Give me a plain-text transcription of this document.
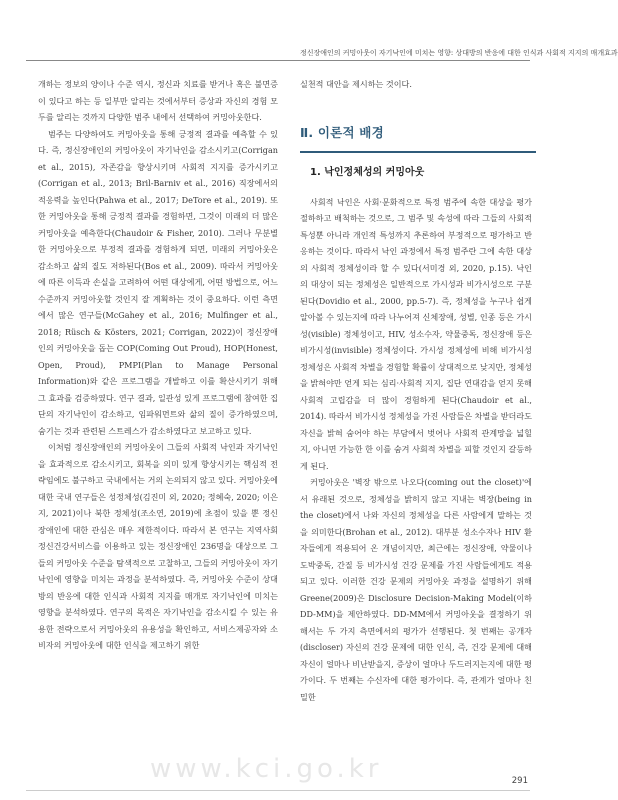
정신장애인의 커밍아웃이 자기낙인에 미치는 영향: 상대방의 반응에 대한 인식과 사회적 지지의 매개효과

개하는 정보의 양이나 수준 역시, 정신과 치료를 받거나 혹은 불면증이 있다고 하는 등 일부만 알리는 것에서부터 증상과 자신의 경험 모두를 알리는 것까지 다양한 범주 내에서 선택하여 커밍아웃한다.

범주는 다양하여도 커밍아웃을 통해 긍정적 결과를 예측할 수 있다. 즉, 정신장애인의 커밍아웃이 자기낙인을 감소시키고(Corrigan et al., 2015), 자존감을 향상시키며 사회적 지지를 증가시키고(Corrigan et al., 2013; Bril-Barniv et al., 2016) 직장에서의 적응력을 높인다(Pahwa et al., 2017; DeTore et al., 2019). 또한 커밍아웃을 통해 긍정적 결과를 경험하면, 그것이 미래의 더 많은 커밍아웃을 예측한다(Chaudoir & Fisher, 2010). 그러나 무분별한 커밍아웃으로 부정적 결과를 경험하게 되면, 미래의 커밍아웃은 감소하고 삶의 질도 저하된다(Bos et al., 2009). 따라서 커밍아웃에 따른 이득과 손실을 고려하여 어떤 대상에게, 어떤 방법으로, 어느 수준까지 커밍아웃할 것인지 잘 계획하는 것이 중요하다. 이런 측면에서 많은 연구들(McGahey et al., 2016; Mulfinger et al., 2018; Rüsch & Kösters, 2021; Corrigan, 2022)이 정신장애인의 커밍아웃을 돕는 COP(Coming Out Proud), HOP(Honest, Open, Proud), PMPI(Plan to Manage Personal Information)와 같은 프로그램을 개발하고 이를 확산시키기 위해 그 효과를 검증하였다. 연구 결과, 일관성 있게 프로그램에 참여한 집단의 자기낙인이 감소하고, 임파워먼트와 삶의 질이 증가하였으며, 숨기는 것과 관련된 스트레스가 감소하였다고 보고하고 있다.

이처럼 정신장애인의 커밍아웃이 그들의 사회적 낙인과 자기낙인을 효과적으로 감소시키고, 회복을 의미 있게 향상시키는 핵심적 전략임에도 불구하고 국내에서는 거의 논의되지 않고 있다. 커밍아웃에 대한 국내 연구들은 성정체성(김진미 외, 2020; 정혜숙, 2020; 이은지, 2021)이나 북한 정체성(조소연, 2019)에 초점이 있을 뿐 정신장애인에 대한 관심은 매우 제한적이다. 따라서 본 연구는 지역사회 정신건강서비스를 이용하고 있는 정신장애인 236명을 대상으로 그들의 커밍아웃 수준을 탐색적으로 고찰하고, 그들의 커밍아웃이 자기낙인에 영향을 미치는 과정을 분석하였다. 즉, 커밍아웃 수준이 상대방의 반응에 대한 인식과 사회적 지지를 매개로 자기낙인에 미치는 영향을 분석하였다. 연구의 목적은 자기낙인을 감소시킬 수 있는 유용한 전략으로서 커밍아웃의 유용성을 확인하고, 서비스제공자와 소비자의 커밍아웃에 대한 인식을 제고하기 위한

실천적 대안을 제시하는 것이다.

Ⅱ. 이론적 배경
1. 낙인정체성의 커밍아웃

사회적 낙인은 사회·문화적으로 특정 범주에 속한 대상을 평가절하하고 배척하는 것으로, 그 범주 및 속성에 따라 그들의 사회적 특성뿐 아니라 개인적 특성까지 추론하여 부정적으로 평가하고 반응하는 것이다. 따라서 낙인 과정에서 특정 범주란 그에 속한 대상의 사회적 정체성이라 할 수 있다(서미경 외, 2020, p.15). 낙인의 대상이 되는 정체성은 일반적으로 가시성과 비가시성으로 구분된다(Dovidio et al., 2000, pp.5-7). 즉, 정체성을 누구나 쉽게 알아볼 수 있는지에 따라 나누어져 신체장애, 성별, 인종 등은 가시성(visible) 정체성이고, HIV, 성소수자, 약물중독, 정신장애 등은 비가시성(invisible) 정체성이다. 가시성 정체성에 비해 비가시성 정체성은 사회적 차별을 경험할 확률이 상대적으로 낮지만, 정체성을 밝혀야만 얻게 되는 심리·사회적 지지, 집단 연대감을 얻지 못해 사회적 고립감을 더 많이 경험하게 된다(Chaudoir et al., 2014). 따라서 비가시성 정체성을 가진 사람들은 차별을 받더라도 자신을 밝혀 숨어야 하는 부담에서 벗어나 사회적 관계망을 넓힐지, 아니면 가능한 한 이를 숨겨 사회적 차별을 피할 것인지 갈등하게 된다.

커밍아웃은 '벽장 밖으로 나오다(coming out the closet)'에서 유래된 것으로, 정체성을 밝히지 않고 지내는 벽장(being in the closet)에서 나와 자신의 정체성을 다른 사람에게 말하는 것을 의미한다(Brohan et al., 2012). 대부분 성소수자나 HIV 환자들에게 적용되어 온 개념이지만, 최근에는 정신장애, 약물이나 도박중독, 간질 등 비가시성 건강 문제를 가진 사람들에게도 적용되고 있다. 이러한 건강 문제의 커밍아웃 과정을 설명하기 위해 Greene(2009)은 Disclosure Decision-Making Model(이하 DD-MM)을 제안하였다. DD-MM에서 커밍아웃을 결정하기 위해서는 두 가지 측면에서의 평가가 선행된다. 첫 번째는 공개자(discloser) 자신의 건강 문제에 대한 인식, 즉, 건강 문제에 대해 자신이 얼마나 비난받을지, 증상이 얼마나 두드러지는지에 대한 평가이다. 두 번째는 수신자에 대한 평가이다. 즉, 관계가 얼마나 친밀한

www.kci.go.kr	291
